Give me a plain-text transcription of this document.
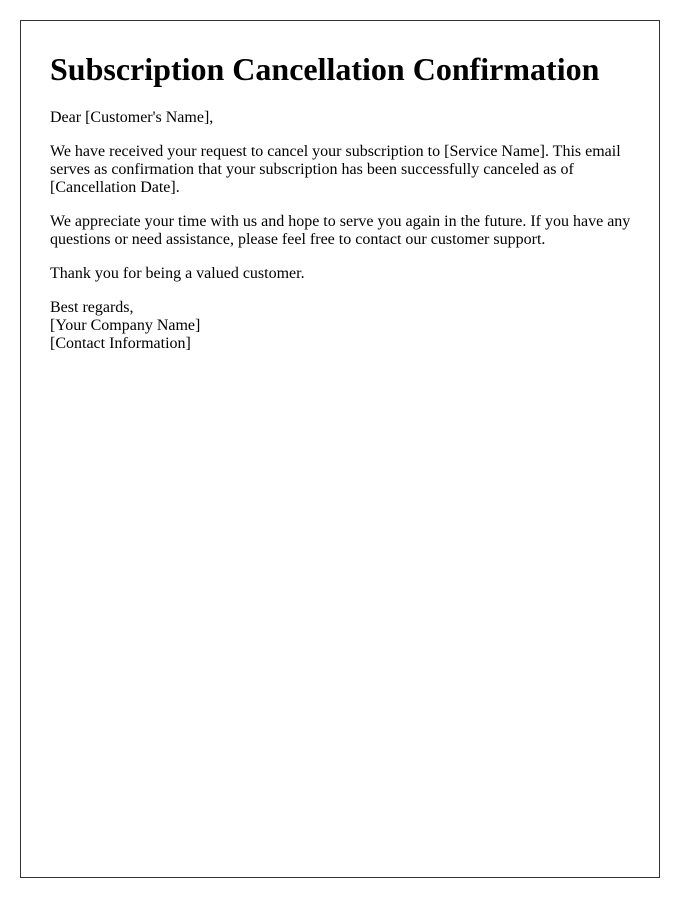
Subscription Cancellation Confirmation

Dear [Customer's Name],

We have received your request to cancel your subscription to [Service Name]. This email serves as confirmation that your subscription has been successfully canceled as of [Cancellation Date].

We appreciate your time with us and hope to serve you again in the future. If you have any questions or need assistance, please feel free to contact our customer support.

Thank you for being a valued customer.

Best regards,
[Your Company Name]
[Contact Information]
